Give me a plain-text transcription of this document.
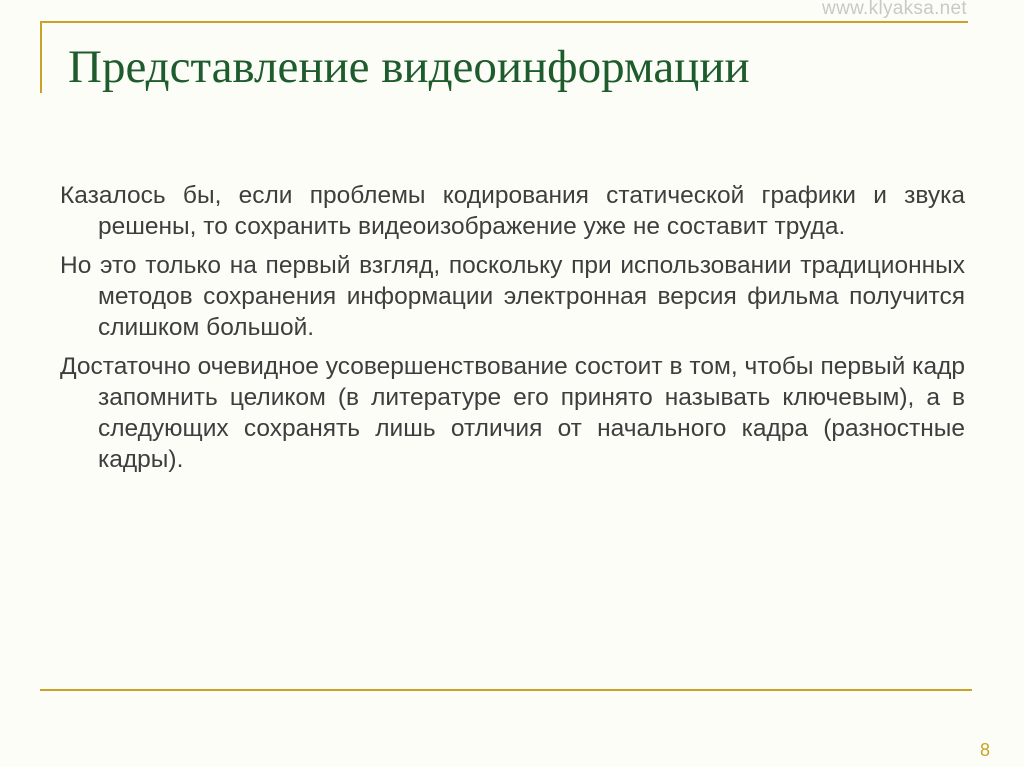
www.klyaksa.net
Представление видеоинформации

Казалось бы, если проблемы кодирования статической графики и звука решены, то сохранить видеоизображение уже не составит труда.

Но это только на первый взгляд, поскольку при использовании традиционных методов сохранения информации электронная версия фильма получится слишком большой.

Достаточно очевидное усовершенствование состоит в том, чтобы первый кадр запомнить целиком (в литературе его принято называть ключевым), а в следующих сохранять лишь отличия от начального кадра (разностные кадры).

8
